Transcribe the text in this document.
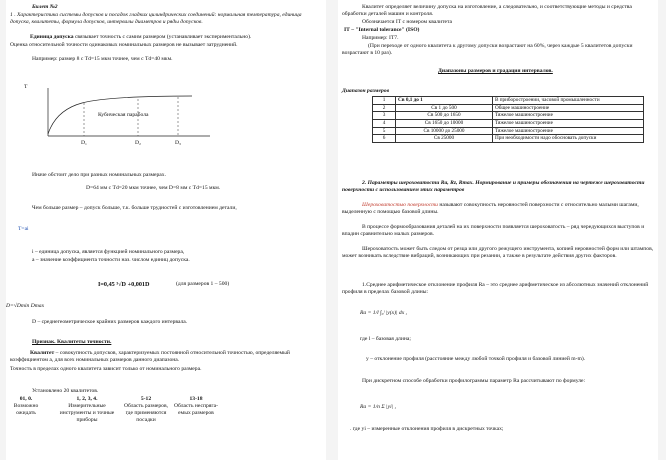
Билет №2

1 . Характеристика системы допусков и посадок гладких цилиндрических соединений: нормальная температура, единица допуска, квалитеты, формула допусков, интервалы диаметров и ряды допусков.

Единица допуска связывает точность с самим размером (устанавливает экспериментально).

Оценка относительной точности одинаковых номинальных размеров не вызывает затруднений.

Например: размер 8 с Td=15 мкм точнее, чем с Td=40 мкм.

T

Кубическая парабола

D₁	D₂	D₃

Иначе обстоит дело при разных номинальных размерах.

D=64 мм с Td=20 мкм точнее, чем D=8 мм с Td=15 мкм.

Чем больше размер – допуск больше, т.к. больше трудностей с изготовлением детали,

T=ai

i – единица допуска, является функцией номинального размера,

a – значение коэффициента точности наз. числом единиц допуска.

I=0,45 ³√D +0,001D	(для размеров 1 – 500)

D=√Dmin Dmax

D – среднегеометрическое крайних размеров каждого интервала.

Признак. Квалитеты точности.

Квалитет – совокупность допусков, характеризуемых постоянной относительной точностью, определяемый коэффициентом a, для всех номинальных размеров данного диапазона.

Точность в пределах одного квалитета зависит только от номинального размера.

Установлено 20 квалитетов.

01, 0.
Возможно ожидать
1, 2, 3, 4.
Измерительные инструменты и точные приборы
5-12
Область размеров, где применяются посадки
13-18
Область неспряга-емых размеров

Квалитет определяет величину допуска на изготовление, а следовательно, и соответствующие методы и средства обработки деталей машин и контроля.

Обозначается IT с номером квалитета

IT – "Internal tolerance" (ISO)

Например: IT7.

(При переходе от одного квалитета к другому допуски возрастают на 60%, через каждые 5 квалитетов допуски возрастают в 10 раз).

Диапазоны размеров и градация интервалов.

Диапазон размеров

1	Св 0,1 до 1	В приборостроении, часовой промышленности
2	Св 1 до 500	Общее машиностроение
3	Св 500 до 1650	Тяжелое машиностроение
4	Св 1650 до 10000	Тяжелое машиностроение
5	Св 10000 до 25000	Тяжелое машиностроение
6	Св 25000	При необходимости надо обосновать допуски

2. Параметры шероховатости Ra, Rz, Rmax. Нормирование и примеры обозначения на чертеже шероховатости поверхности с использованием этих параметров

Шероховатостью поверхности называют совокупность неровностей поверхности с относительно малыми шагами, выделенную с помощью базовой длины.

В процессе формообразования деталей на их поверхности появляется шероховатость – ряд чередующихся выступов и впадин сравнительно малых размеров.

Шероховатость может быть следом от резца или другого режущего инструмента, копией неровностей форм или штампов, может возникать вследствие вибраций, возникающих при резании, а также в результате действия других факторов.

1.Среднее арифметическое отклонение профиля Ra – это среднее арифметическое из абсолютных значений отклонений профиля в пределах базовой длины:

Ra = 1/l ∫₀ˡ |y(x)| dx ,

где l – базовая длина;

у – отклонение профиля (расстояние между любой точкой профиля и базовой линией m-m).

При дискретном способе обработки профилограммы параметр Ra рассчитывают по формуле:

Ra = 1/n Σ |yi| ,

. где yi – измеренные отклонения профиля в дискретных точках;
